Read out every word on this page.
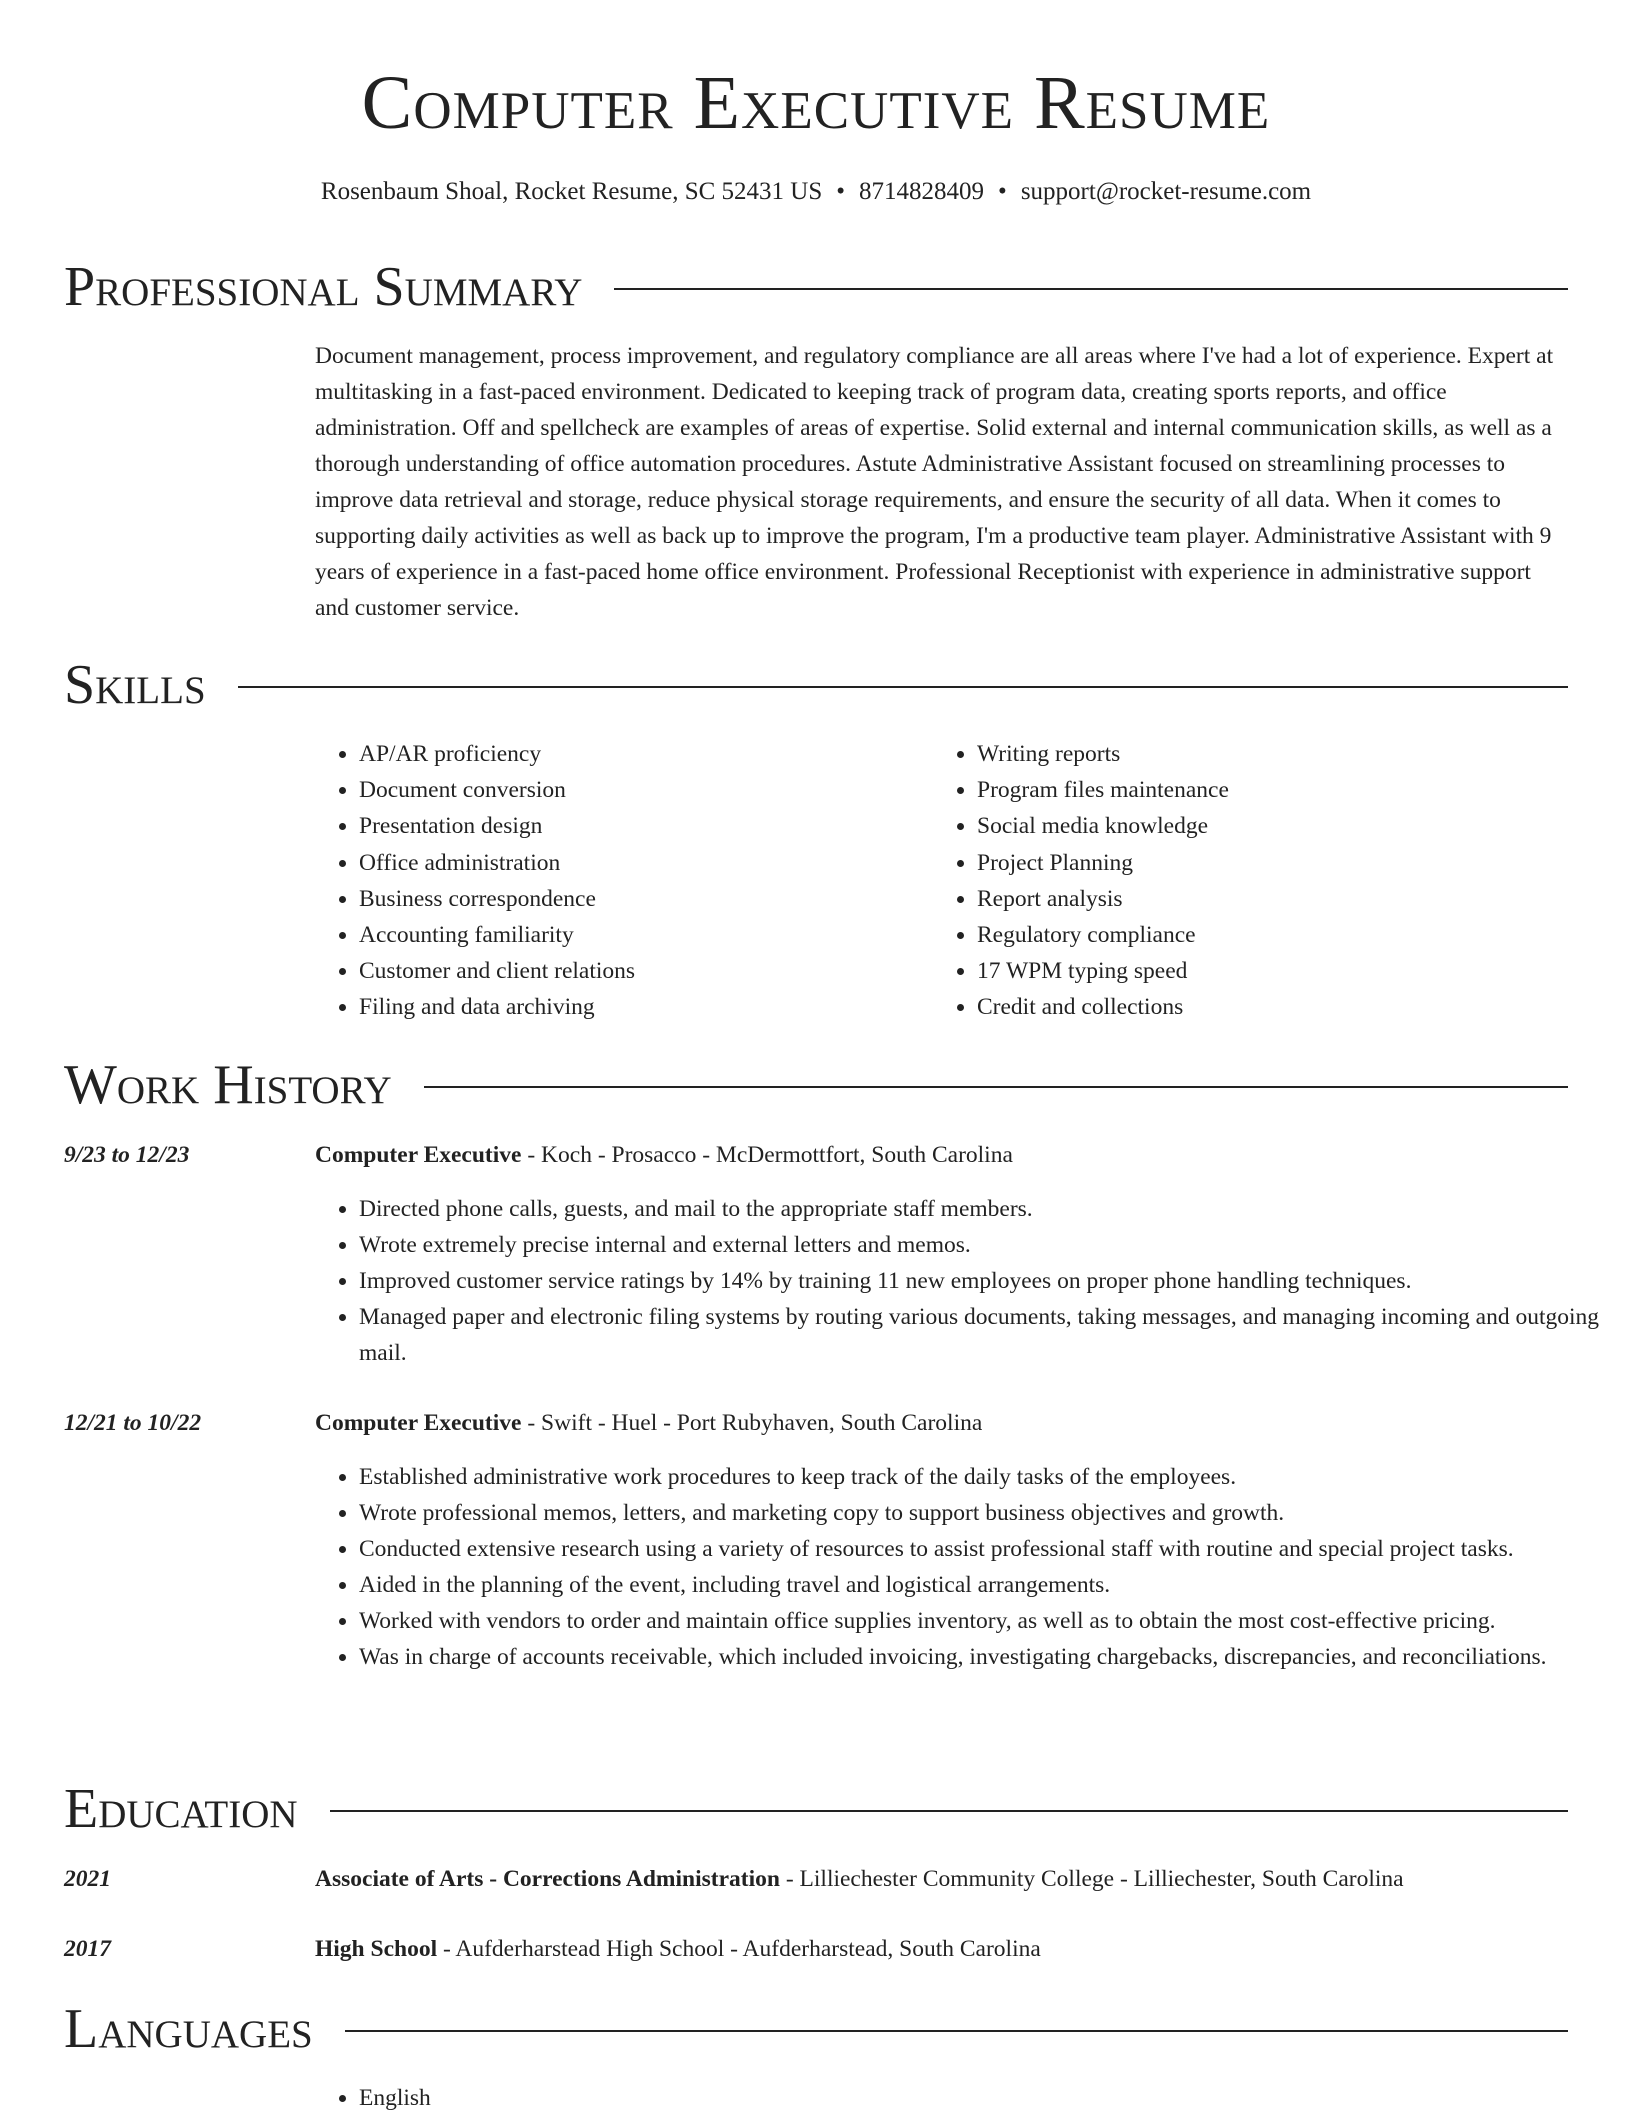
Computer Executive Resume
Rosenbaum Shoal, Rocket Resume, SC 52431 US • 8714828409 • support@rocket-resume.com
Professional Summary

Document management, process improvement, and regulatory compliance are all areas where I've had a lot of experience. Expert at multitasking in a fast-paced environment. Dedicated to keeping track of program data, creating sports reports, and office administration. Off and spellcheck are examples of areas of expertise. Solid external and internal communication skills, as well as a thorough understanding of office automation procedures. Astute Administrative Assistant focused on streamlining processes to improve data retrieval and storage, reduce physical storage requirements, and ensure the security of all data. When it comes to supporting daily activities as well as back up to improve the program, I'm a productive team player. Administrative Assistant with 9 years of experience in a fast-paced home office environment. Professional Receptionist with experience in administrative support and customer service.

Skills
• AP/AR proficiency
• Document conversion
• Presentation design
• Office administration
• Business correspondence
• Accounting familiarity
• Customer and client relations
• Filing and data archiving
• Writing reports
• Program files maintenance
• Social media knowledge
• Project Planning
• Report analysis
• Regulatory compliance
• 17 WPM typing speed
• Credit and collections
Work History
9/23 to 12/23	Computer Executive - Koch - Prosacco - McDermottfort, South Carolina
• Directed phone calls, guests, and mail to the appropriate staff members.
• Wrote extremely precise internal and external letters and memos.
• Improved customer service ratings by 14% by training 11 new employees on proper phone handling techniques.
• Managed paper and electronic filing systems by routing various documents, taking messages, and managing incoming and outgoing mail.
12/21 to 10/22	Computer Executive - Swift - Huel - Port Rubyhaven, South Carolina
• Established administrative work procedures to keep track of the daily tasks of the employees.
• Wrote professional memos, letters, and marketing copy to support business objectives and growth.
• Conducted extensive research using a variety of resources to assist professional staff with routine and special project tasks.
• Aided in the planning of the event, including travel and logistical arrangements.
• Worked with vendors to order and maintain office supplies inventory, as well as to obtain the most cost-effective pricing.
• Was in charge of accounts receivable, which included invoicing, investigating chargebacks, discrepancies, and reconciliations.
Education
2021	Associate of Arts - Corrections Administration - Lilliechester Community College - Lilliechester, South Carolina
2017	High School - Aufderharstead High School - Aufderharstead, South Carolina
Languages
• English
